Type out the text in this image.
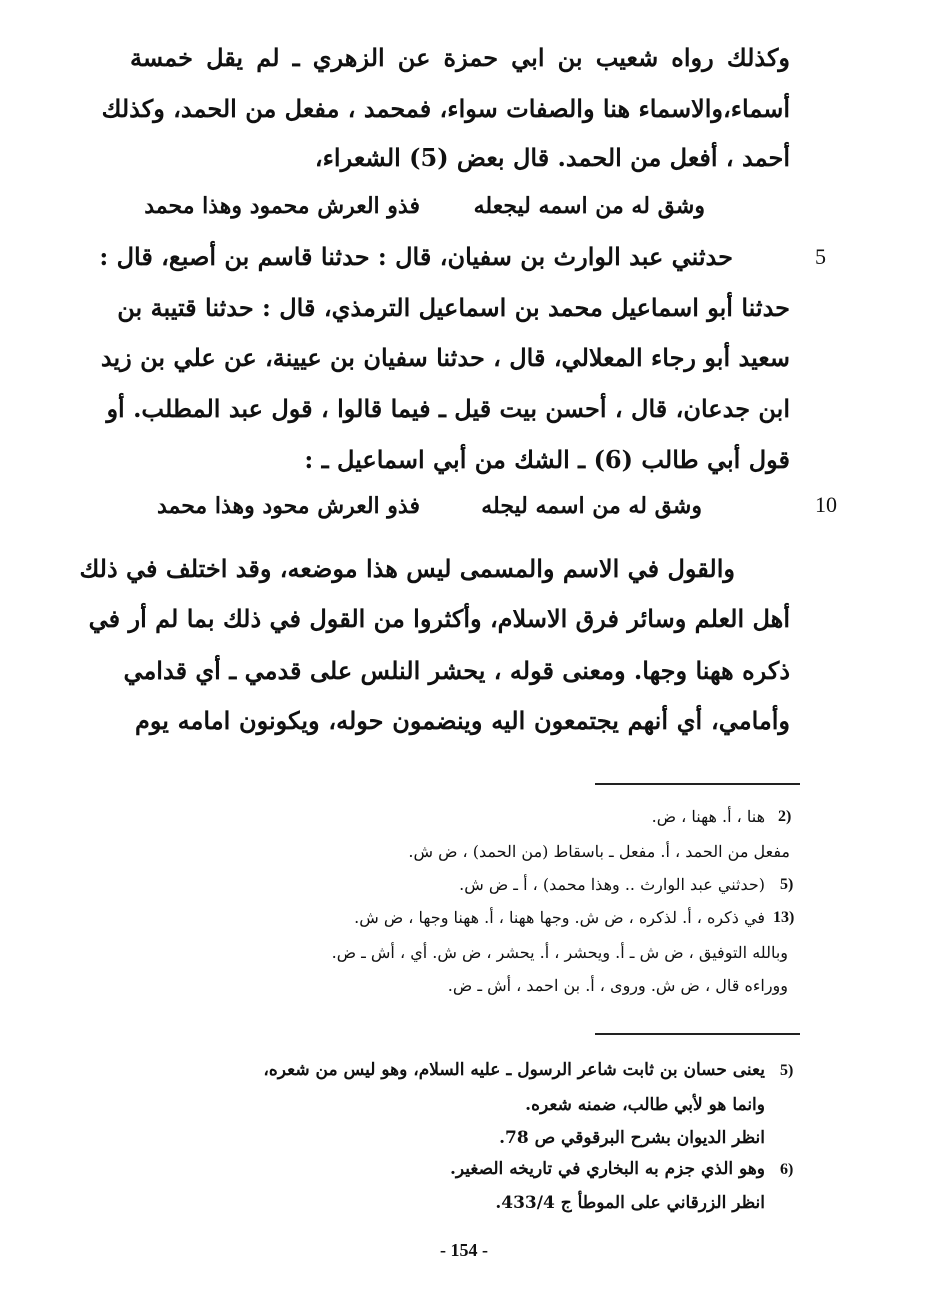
وكذلك رواه شعيب بن ابي حمزة عن الزهري ـ لم يقل خمسة
أسماء،والاسماء هنا والصفات سواء، فمحمد ، مفعل من الحمد، وكذلك
أحمد ، أفعل من الحمد. قال بعض (5) الشعراء،
وشق له من اسمه ليجعله
فذو العرش محمود وهذا محمد
5
حدثني عبد الوارث بن سفيان، قال : حدثنا قاسم بن أصبع، قال :
حدثنا أبو اسماعيل محمد بن اسماعيل الترمذي، قال : حدثنا قتيبة بن
سعيد أبو رجاء المعلالي، قال ، حدثنا سفيان بن عيينة، عن علي بن زيد
ابن جدعان، قال ، أحسن بيت قيل ـ فيما قالوا ، قول عبد المطلب. أو
قول أبي طالب (6) ـ الشك من أبي اسماعيل ـ :
10
وشق له من اسمه ليجله
فذو العرش محود وهذا محمد
والقول في الاسم والمسمى ليس هذا موضعه، وقد اختلف في ذلك
أهل العلم وسائر فرق الاسلام، وأكثروا من القول في ذلك بما لم أر في
ذكره ههنا وجها. ومعنى قوله ، يحشر النلس على قدمي ـ أي قدامي
وأمامي، أي أنهم يجتمعون اليه وينضمون حوله، ويكونون امامه يوم
2)
هنا ، أ. ههنا ، ض.
مفعل من الحمد ، أ. مفعل ـ باسقاط (من الحمد) ، ض ش.
5)
(حدثني عبد الوارث .. وهذا محمد) ، أ ـ ض ش.
13)
في ذكره ، أ. لذكره ، ض ش. وجها ههنا ، أ. ههنا وجها ، ض ش.
وبالله التوفيق ، ض ش ـ أ. ويحشر ، أ. يحشر ، ض ش. أي ، أش ـ ض.
ووراءه قال ، ض ش. وروى ، أ. بن احمد ، أش ـ ض.
5)
يعنى حسان بن ثابت شاعر الرسول ـ عليه السلام، وهو ليس من شعره،
وانما هو لأبي طالب، ضمنه شعره.
انظر الديوان بشرح البرقوقي ص 78.
6)
وهو الذي جزم به البخاري في تاريخه الصغير.
انظر الزرقاني على الموطأ ج 433/4.
- 154 -
